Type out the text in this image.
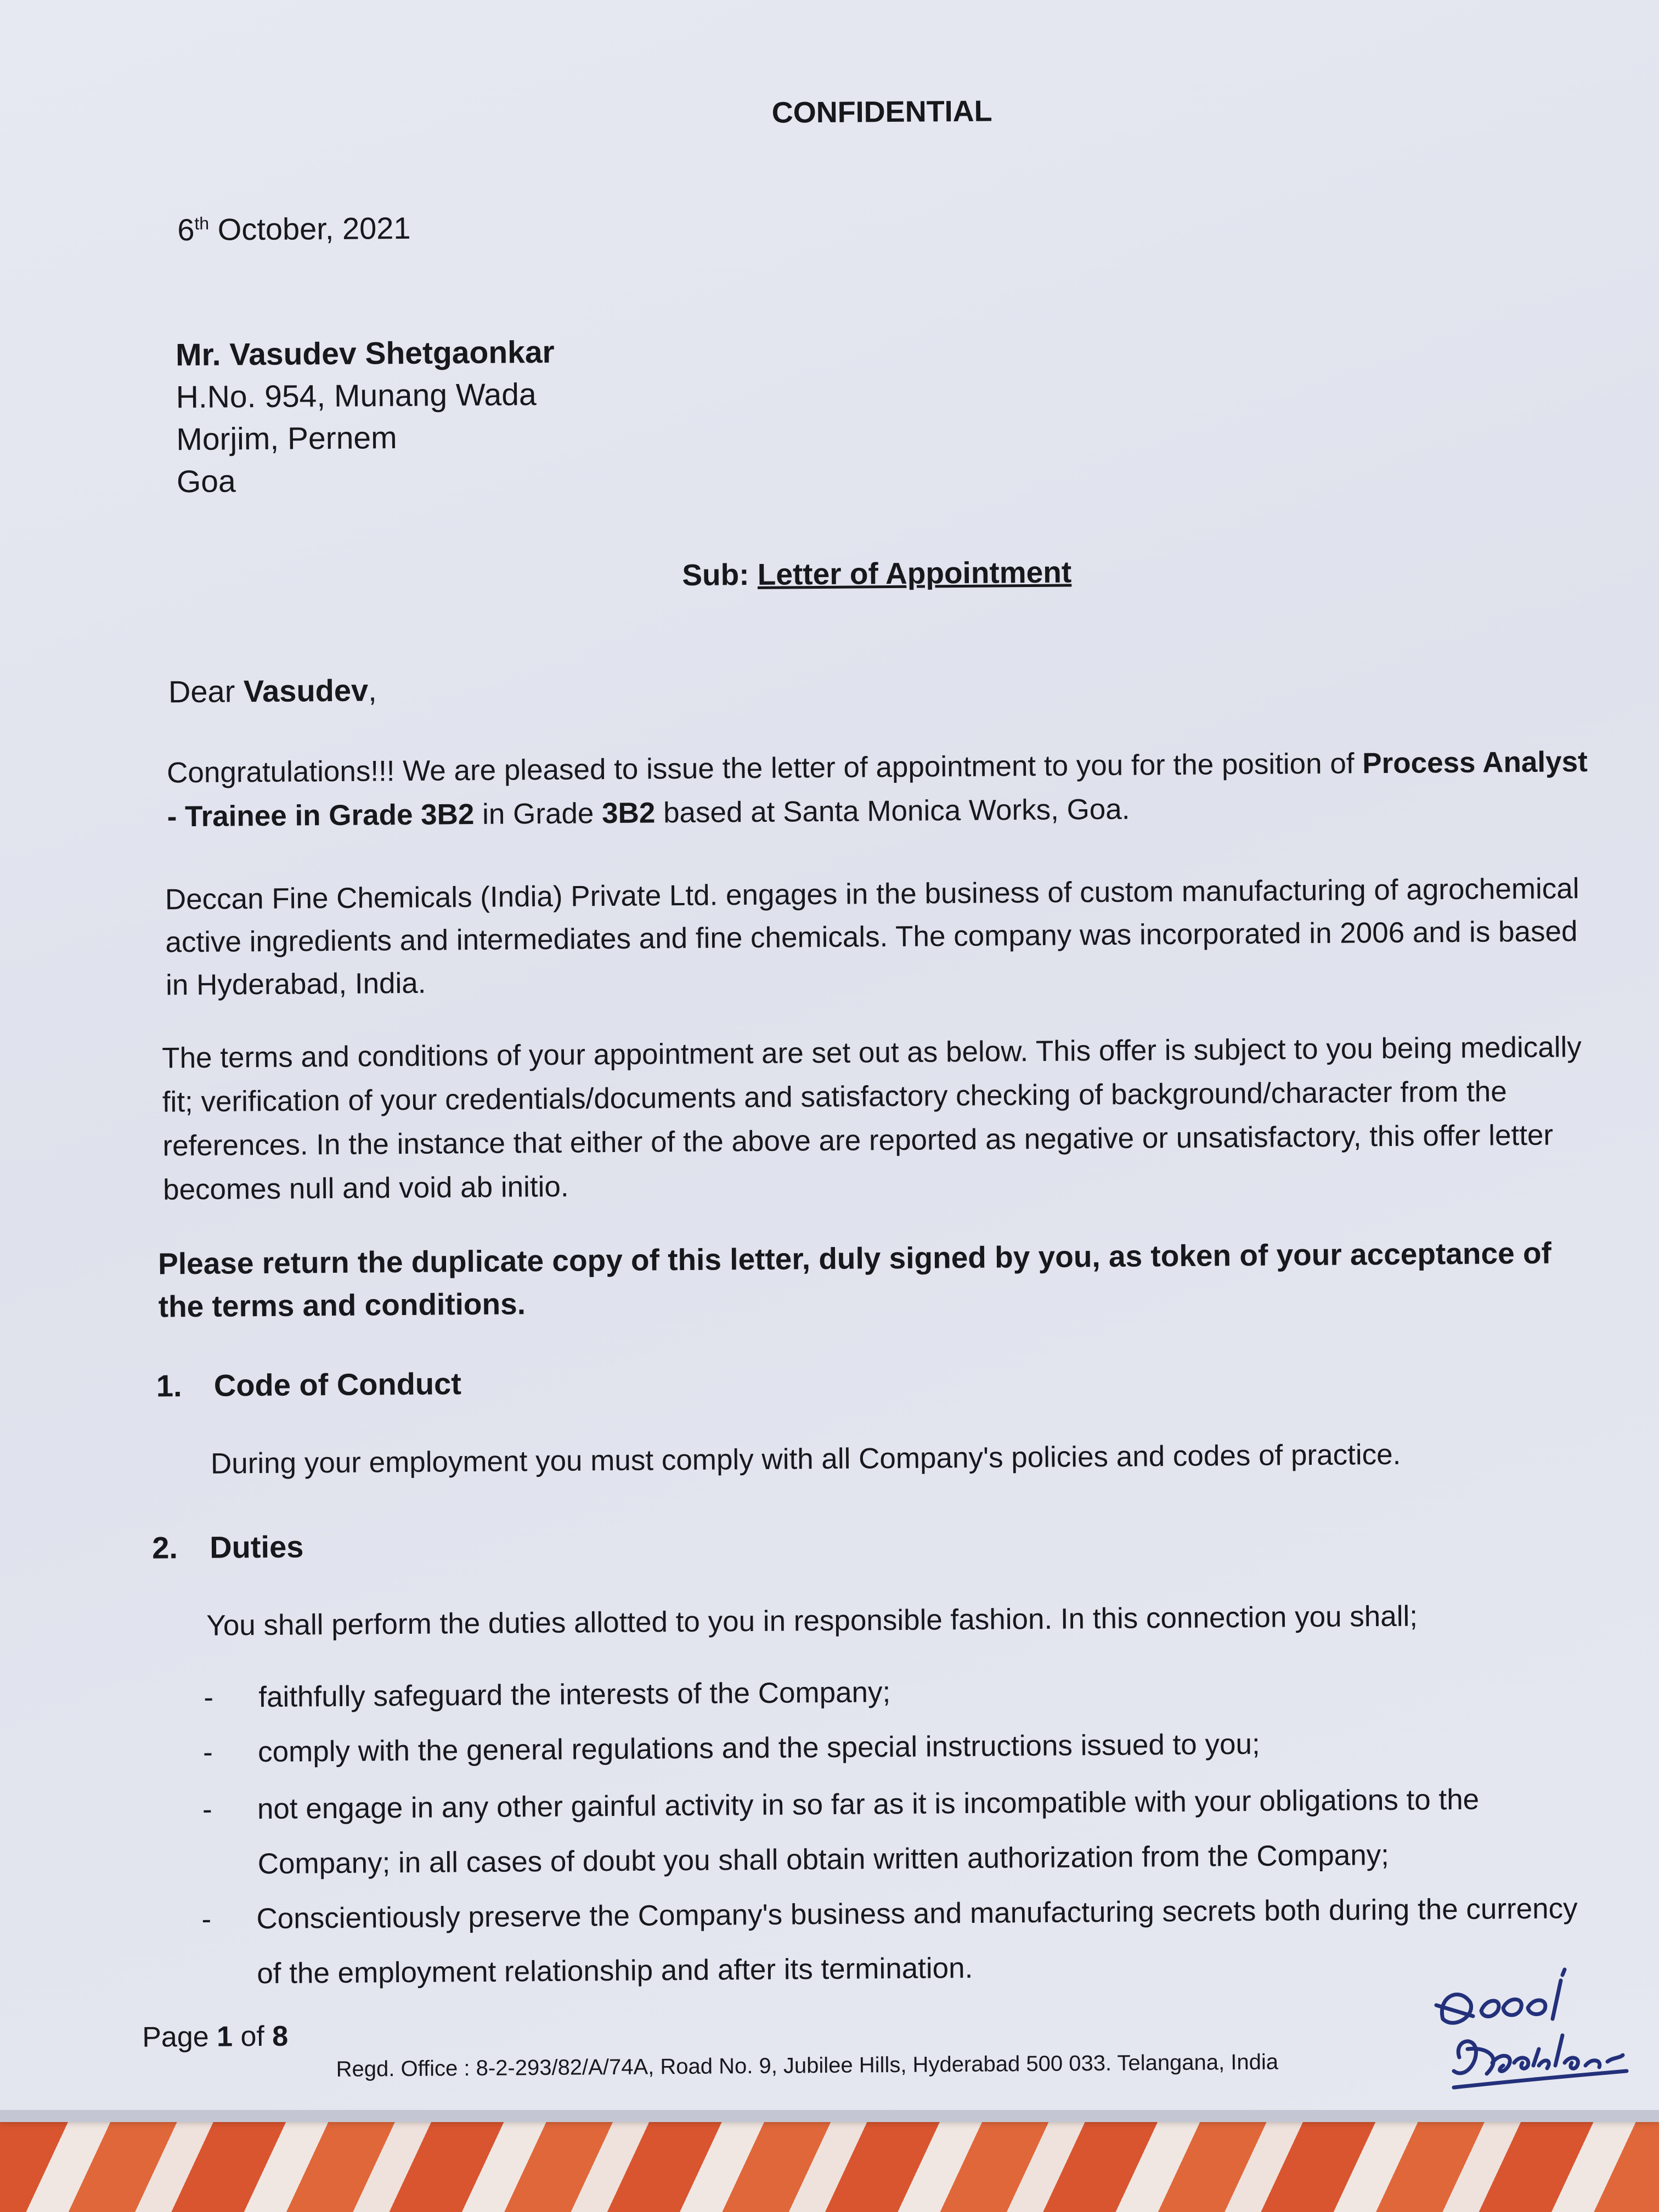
CONFIDENTIAL
6th October, 2021
Mr. Vasudev Shetgaonkar
H.No. 954, Munang Wada
Morjim, Pernem
Goa
Sub: Letter of Appointment
Dear Vasudev,

Congratulations!!! We are pleased to issue the letter of appointment to you for the position of Process Analyst - Trainee in Grade 3B2 in Grade 3B2 based at Santa Monica Works, Goa.

Deccan Fine Chemicals (India) Private Ltd. engages in the business of custom manufacturing of agrochemical active ingredients and intermediates and fine chemicals. The company was incorporated in 2006 and is based in Hyderabad, India.

The terms and conditions of your appointment are set out as below. This offer is subject to you being medically fit; verification of your credentials/documents and satisfactory checking of background/character from the references. In the instance that either of the above are reported as negative or unsatisfactory, this offer letter becomes null and void ab initio.

Please return the duplicate copy of this letter, duly signed by you, as token of your acceptance of the terms and conditions.

1. Code of Conduct
During your employment you must comply with all Company's policies and codes of practice.
2. Duties
You shall perform the duties allotted to you in responsible fashion. In this connection you shall;
- faithfully safeguard the interests of the Company;
- comply with the general regulations and the special instructions issued to you;
- not engage in any other gainful activity in so far as it is incompatible with your obligations to the Company; in all cases of doubt you shall obtain written authorization from the Company;
- Conscientiously preserve the Company's business and manufacturing secrets both during the currency of the employment relationship and after its termination.
Page 1 of 8
Regd. Office : 8-2-293/82/A/74A, Road No. 9, Jubilee Hills, Hyderabad 500 033. Telangana, India
